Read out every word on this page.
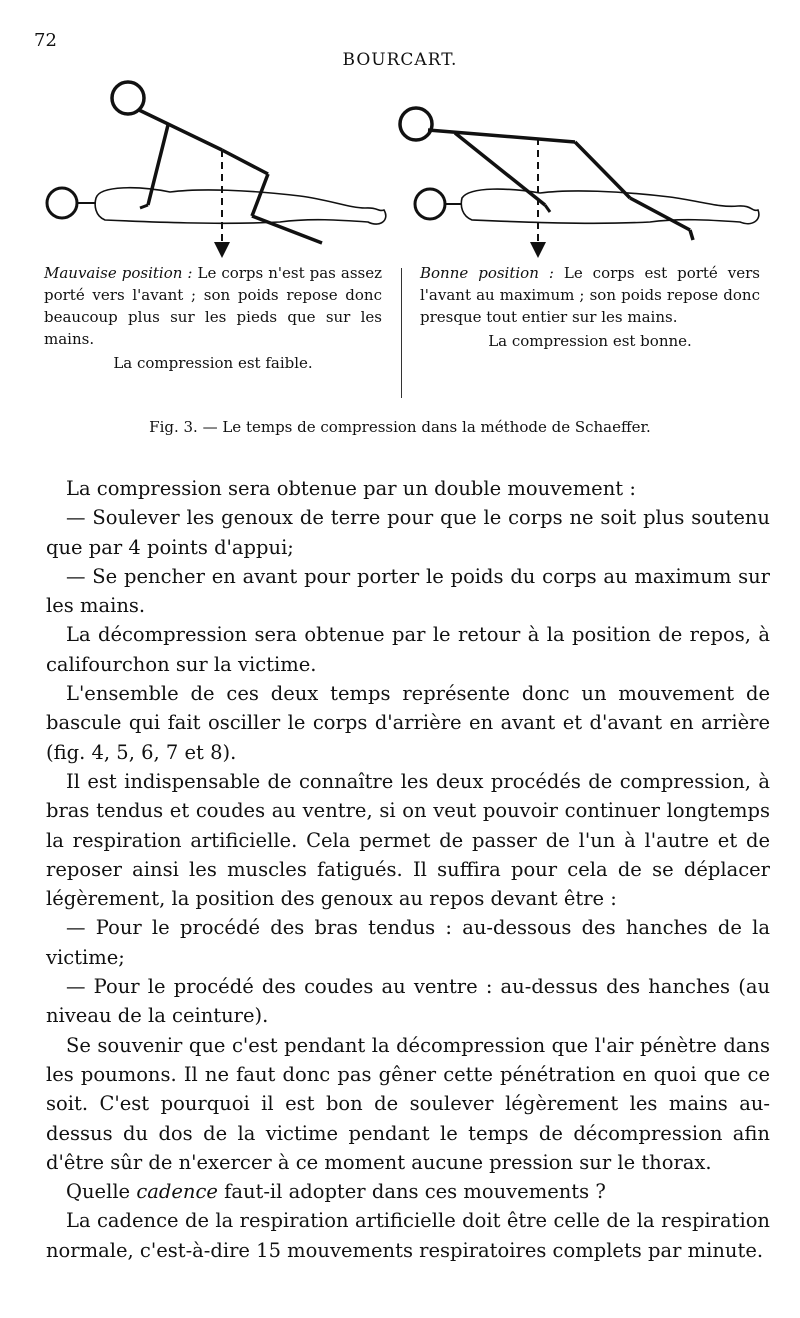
72
BOURCART.
Mauvaise position : Le corps n'est pas assez porté vers l'avant ; son poids repose donc beaucoup plus sur les pieds que sur les mains.
La compression est faible.
Bonne position : Le corps est porté vers l'avant au maximum ; son poids repose donc presque tout entier sur les mains.
La compression est bonne.
Fig. 3. — Le temps de compression dans la méthode de Schaeffer.

La compression sera obtenue par un double mouvement :

— Soulever les genoux de terre pour que le corps ne soit plus soutenu que par 4 points d'appui;

— Se pencher en avant pour porter le poids du corps au maximum sur les mains.

La décompression sera obtenue par le retour à la position de repos, à califourchon sur la victime.

L'ensemble de ces deux temps représente donc un mouvement de bascule qui fait osciller le corps d'arrière en avant et d'avant en arrière (fig. 4, 5, 6, 7 et 8).

Il est indispensable de connaître les deux procédés de compression, à bras tendus et coudes au ventre, si on veut pouvoir continuer longtemps la respiration artificielle. Cela permet de passer de l'un à l'autre et de reposer ainsi les muscles fatigués. Il suffira pour cela de se déplacer légèrement, la position des genoux au repos devant être :

— Pour le procédé des bras tendus : au-dessous des hanches de la victime;

— Pour le procédé des coudes au ventre : au-dessus des hanches (au niveau de la ceinture).

Se souvenir que c'est pendant la décompression que l'air pénètre dans les poumons. Il ne faut donc pas gêner cette pénétration en quoi que ce soit. C'est pourquoi il est bon de soulever légèrement les mains au-dessus du dos de la victime pendant le temps de décompression afin d'être sûr de n'exercer à ce moment aucune pression sur le thorax.

Quelle cadence faut-il adopter dans ces mouvements ?

La cadence de la respiration artificielle doit être celle de la respiration normale, c'est-à-dire 15 mouvements respiratoires complets par minute.
